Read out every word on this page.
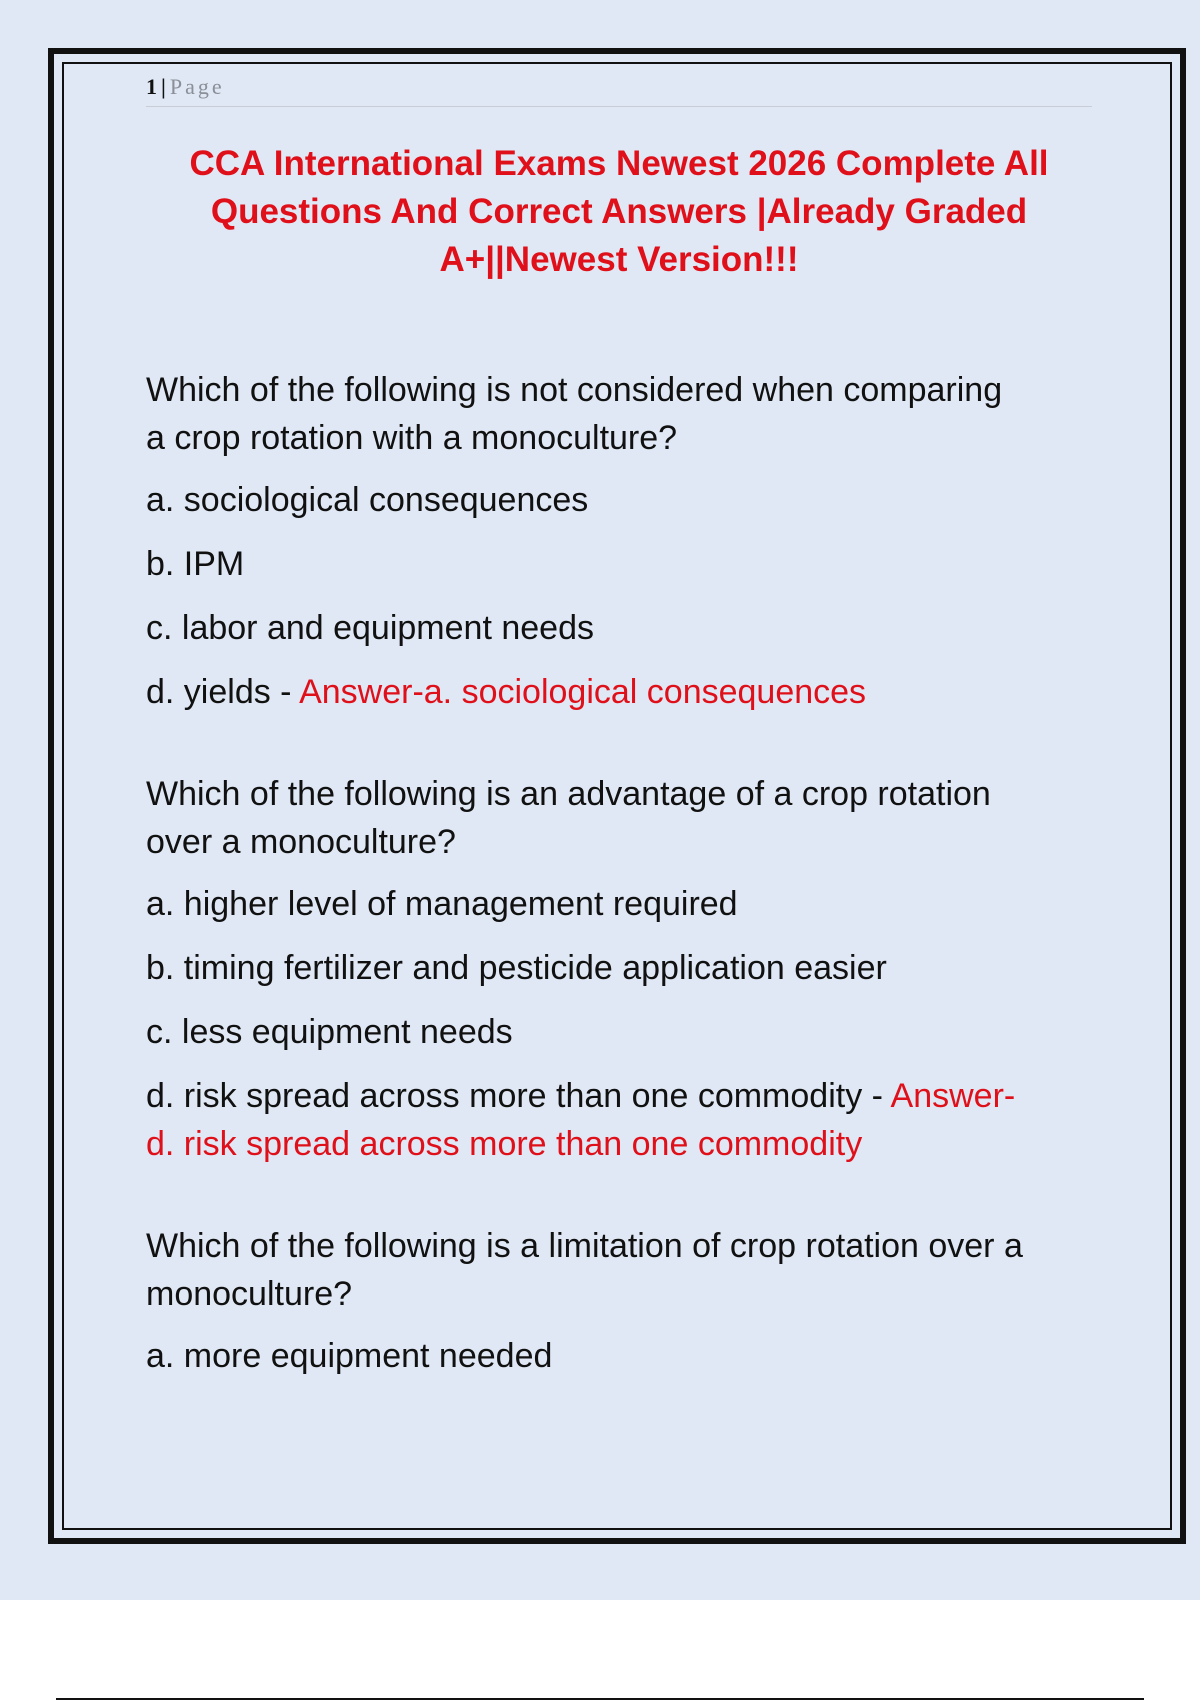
1 | Page
CCA International Exams Newest 2026 Complete All
Questions And Correct Answers |Already Graded
A+||Newest Version!!!
Which of the following is not considered when comparing
a crop rotation with a monoculture?
a. sociological consequences
b. IPM
c. labor and equipment needs
d. yields - Answer-a. sociological consequences
Which of the following is an advantage of a crop rotation
over a monoculture?
a. higher level of management required
b. timing fertilizer and pesticide application easier
c. less equipment needs
d. risk spread across more than one commodity - Answer-
d. risk spread across more than one commodity
Which of the following is a limitation of crop rotation over a
monoculture?
a. more equipment needed
